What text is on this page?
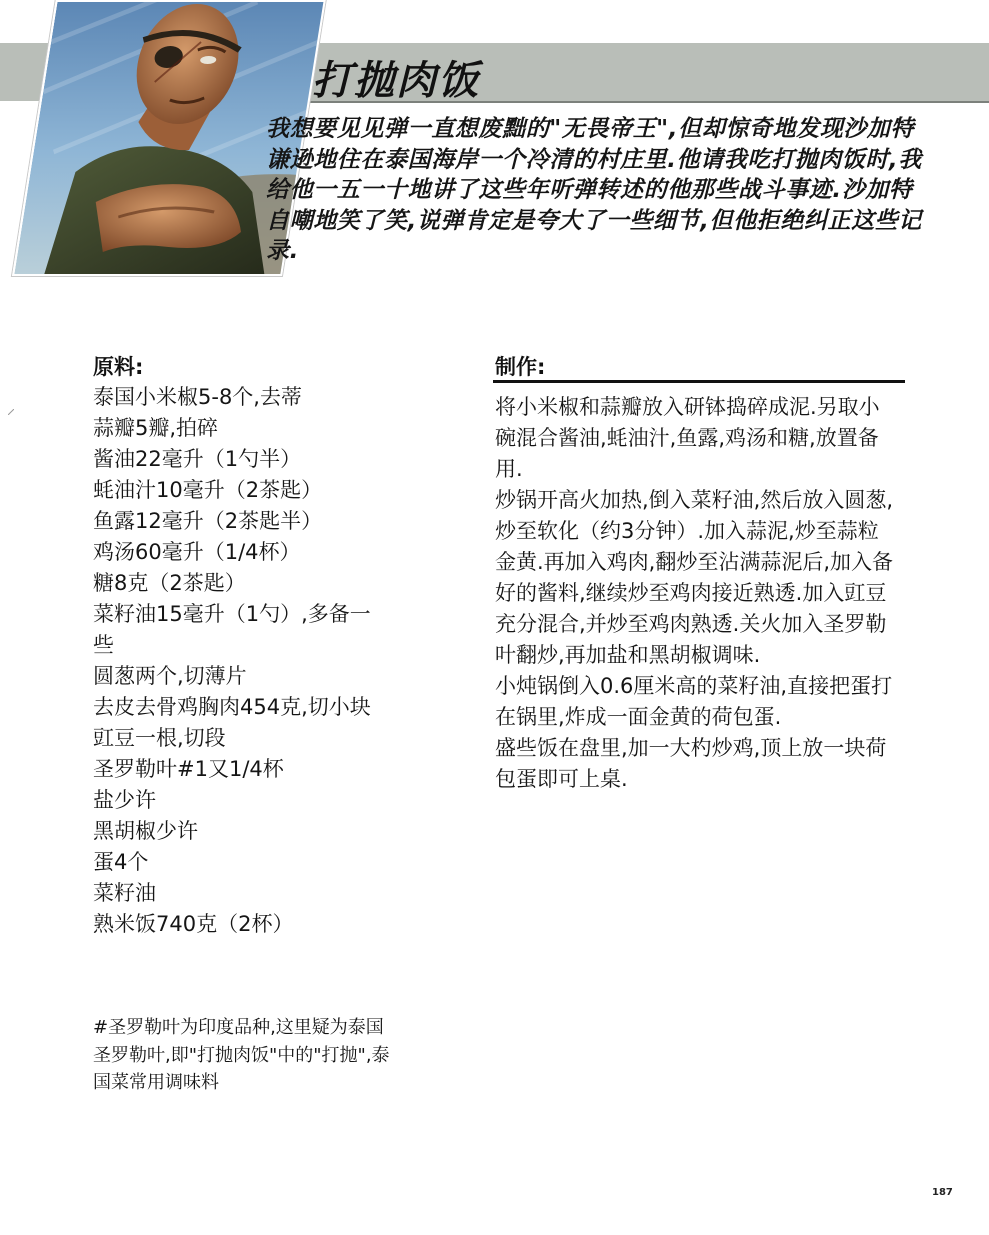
打抛肉饭

我想要见见弹一直想废黜的"无畏帝王",但却惊奇地发现沙加特谦逊地住在泰国海岸一个冷清的村庄里.他请我吃打抛肉饭时,我给他一五一十地讲了这些年听弹转述的他那些战斗事迹.沙加特自嘲地笑了笑,说弹肯定是夸大了一些细节,但他拒绝纠正这些记录.

原料:
泰国小米椒5-8个,去蒂
蒜瓣5瓣,拍碎
酱油22毫升（1勺半）
蚝油汁10毫升（2茶匙）
鱼露12毫升（2茶匙半）
鸡汤60毫升（1/4杯）
糖8克（2茶匙）
菜籽油15毫升（1勺）,多备一些
圆葱两个,切薄片
去皮去骨鸡胸肉454克,切小块
豇豆一根,切段
圣罗勒叶#1又1/4杯
盐少许
黑胡椒少许
蛋4个
菜籽油
熟米饭740克（2杯）
制作:

将小米椒和蒜瓣放入研钵捣碎成泥.另取小碗混合酱油,蚝油汁,鱼露,鸡汤和糖,放置备用.

炒锅开高火加热,倒入菜籽油,然后放入圆葱,炒至软化（约3分钟）.加入蒜泥,炒至蒜粒金黄.再加入鸡肉,翻炒至沾满蒜泥后,加入备好的酱料,继续炒至鸡肉接近熟透.加入豇豆充分混合,并炒至鸡肉熟透.关火加入圣罗勒叶翻炒,再加盐和黑胡椒调味.

小炖锅倒入0.6厘米高的菜籽油,直接把蛋打在锅里,炸成一面金黄的荷包蛋.

盛些饭在盘里,加一大杓炒鸡,顶上放一块荷包蛋即可上桌.

#圣罗勒叶为印度品种,这里疑为泰国圣罗勒叶,即"打抛肉饭"中的"打抛",泰国菜常用调味料

187
